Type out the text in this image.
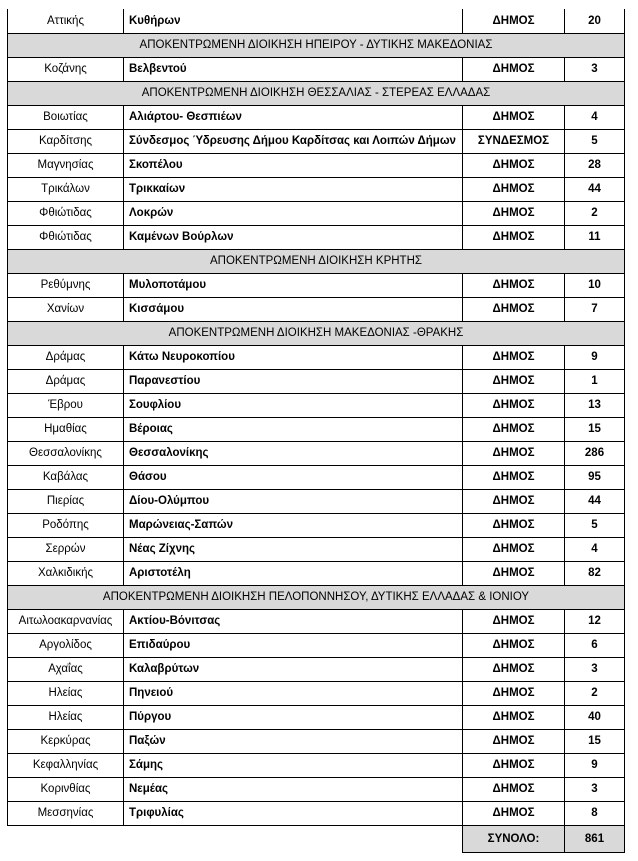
Αττικής	Κυθήρων	ΔΗΜΟΣ	20
ΑΠΟΚΕΝΤΡΩΜΕΝΗ ΔΙΟΙΚΗΣΗ ΗΠΕΙΡΟΥ - ΔΥΤΙΚΗΣ ΜΑΚΕΔΟΝΙΑΣ			
Κοζάνης	Βελβεντού	ΔΗΜΟΣ	3
ΑΠΟΚΕΝΤΡΩΜΕΝΗ ΔΙΟΙΚΗΣΗ ΘΕΣΣΑΛΙΑΣ - ΣΤΕΡΕΑΣ ΕΛΛΑΔΑΣ			
Βοιωτίας	Αλιάρτου- Θεσπιέων	ΔΗΜΟΣ	4
Καρδίτσης	Σύνδεσμος Ύδρευσης Δήμου Καρδίτσας και Λοιπών Δήμων	ΣΥΝΔΕΣΜΟΣ	5
Μαγνησίας	Σκοπέλου	ΔΗΜΟΣ	28
Τρικάλων	Τρικκαίων	ΔΗΜΟΣ	44
Φθιώτιδας	Λοκρών	ΔΗΜΟΣ	2
Φθιώτιδας	Καμένων Βούρλων	ΔΗΜΟΣ	11
ΑΠΟΚΕΝΤΡΩΜΕΝΗ ΔΙΟΙΚΗΣΗ ΚΡΗΤΗΣ			
Ρεθύμνης	Μυλοποτάμου	ΔΗΜΟΣ	10
Χανίων	Κισσάμου	ΔΗΜΟΣ	7
ΑΠΟΚΕΝΤΡΩΜΕΝΗ ΔΙΟΙΚΗΣΗ ΜΑΚΕΔΟΝΙΑΣ -ΘΡΑΚΗΣ			
Δράμας	Κάτω Νευροκοπίου	ΔΗΜΟΣ	9
Δράμας	Παρανεστίου	ΔΗΜΟΣ	1
Έβρου	Σουφλίου	ΔΗΜΟΣ	13
Ημαθίας	Βέροιας	ΔΗΜΟΣ	15
Θεσσαλονίκης	Θεσσαλονίκης	ΔΗΜΟΣ	286
Καβάλας	Θάσου	ΔΗΜΟΣ	95
Πιερίας	Δίου-Ολύμπου	ΔΗΜΟΣ	44
Ροδόπης	Μαρώνειας-Σαπών	ΔΗΜΟΣ	5
Σερρών	Νέας Ζίχνης	ΔΗΜΟΣ	4
Χαλκιδικής	Αριστοτέλη	ΔΗΜΟΣ	82
ΑΠΟΚΕΝΤΡΩΜΕΝΗ ΔΙΟΙΚΗΣΗ ΠΕΛΟΠΟΝΝΗΣΟΥ, ΔΥΤΙΚΗΣ ΕΛΛΑΔΑΣ & ΙΟΝΙΟΥ			
Αιτωλοακαρνανίας	Ακτίου-Βόνιτσας	ΔΗΜΟΣ	12
Αργολίδος	Επιδαύρου	ΔΗΜΟΣ	6
Αχαΐας	Καλαβρύτων	ΔΗΜΟΣ	3
Ηλείας	Πηνειού	ΔΗΜΟΣ	2
Ηλείας	Πύργου	ΔΗΜΟΣ	40
Κερκύρας	Παξών	ΔΗΜΟΣ	15
Κεφαλληνίας	Σάμης	ΔΗΜΟΣ	9
Κορινθίας	Νεμέας	ΔΗΜΟΣ	3
Μεσσηνίας	Τριφυλίας	ΔΗΜΟΣ	8
		ΣΥΝΟΛΟ:	861
